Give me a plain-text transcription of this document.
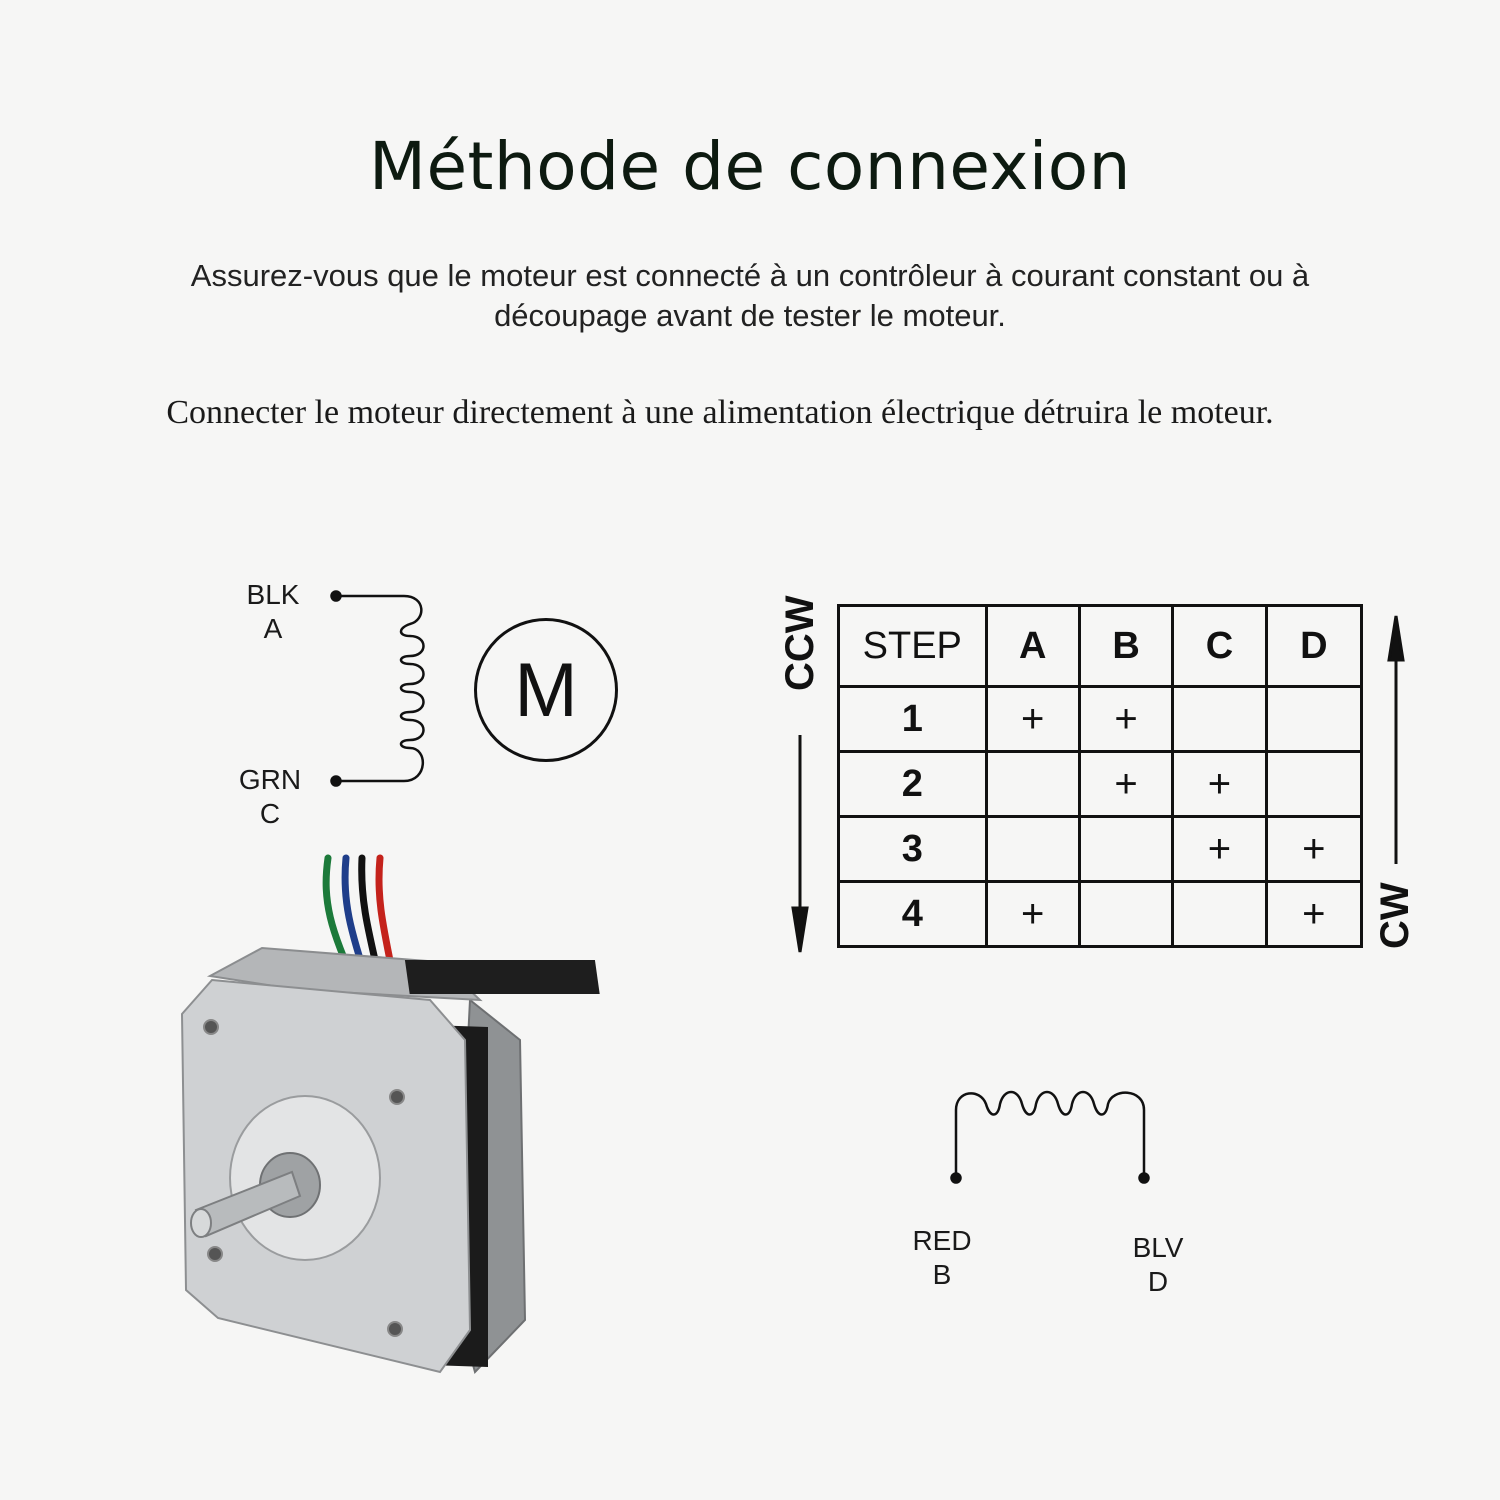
Méthode de connexion
Assurez-vous que le moteur est connecté à un contrôleur à courant constant ou à
découpage avant de tester le moteur.
Connecter le moteur directement à une alimentation électrique détruira le moteur.
BLK
A
GRN
C
RED
B
BLV
D
M	CCW
CW
STEP	A	B	C	D
1	+	+		
2		+	+	
3			+	+
4	+			+
